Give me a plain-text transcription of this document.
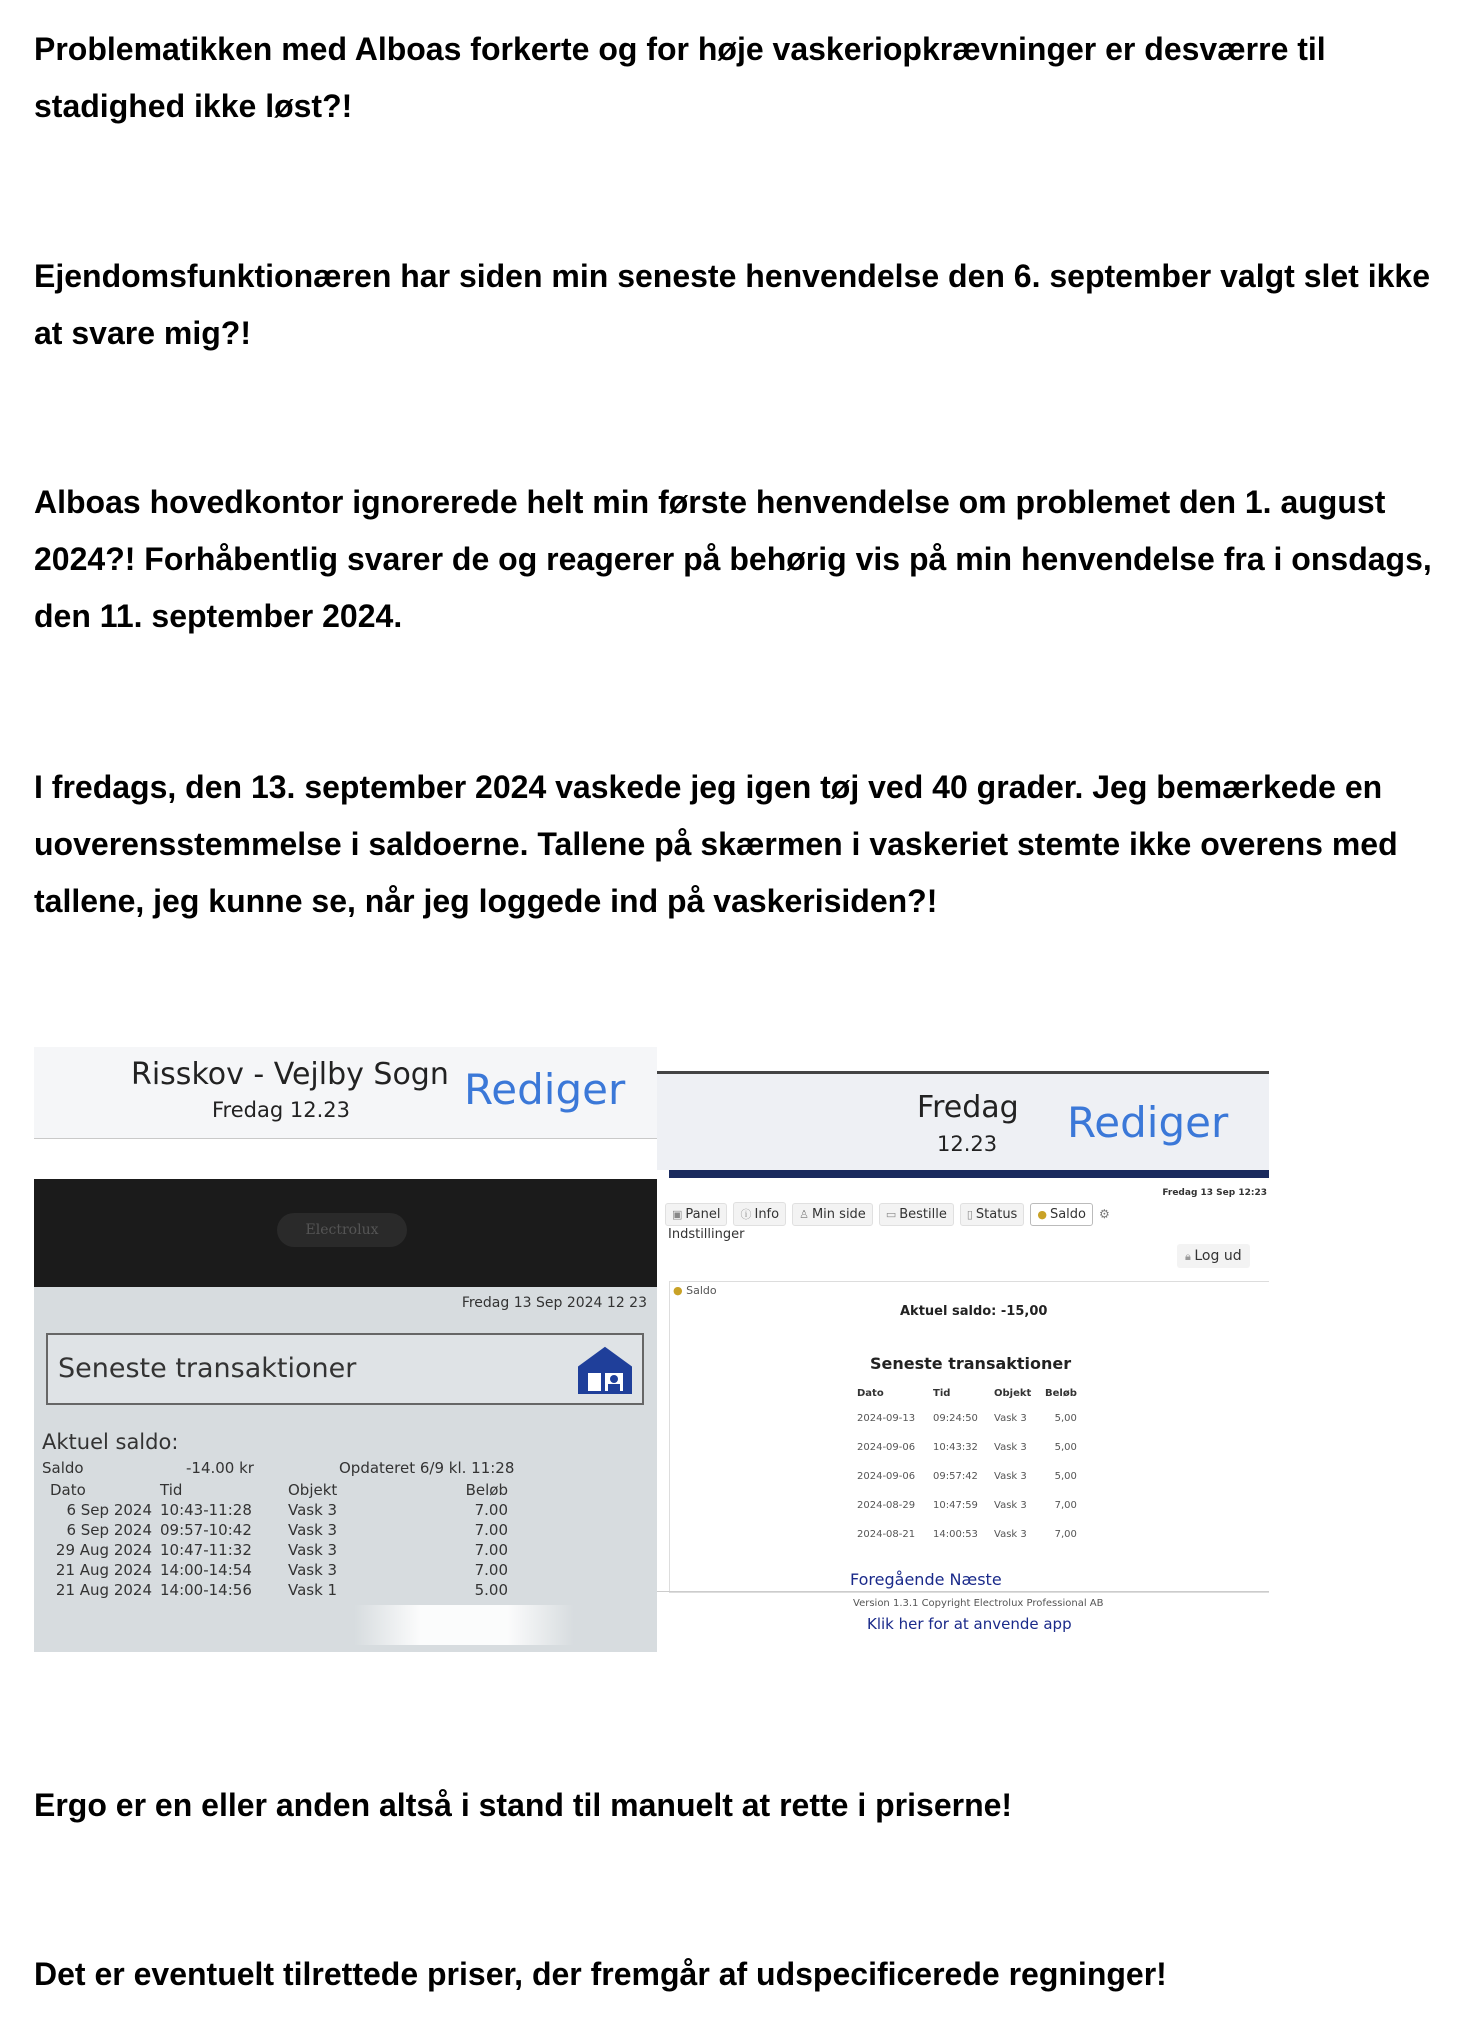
Problematikken med Alboas forkerte og for høje vaskeriopkrævninger er desværre til stadighed ikke løst?!

Ejendomsfunktionæren har siden min seneste henvendelse den 6. september valgt slet ikke at svare mig?!

Alboas hovedkontor ignorerede helt min første henvendelse om problemet den 1. august 2024?! Forhåbentlig svarer de og reagerer på behørig vis på min henvendelse fra i onsdags, den 11. september 2024.

I fredags, den 13. september 2024 vaskede jeg igen tøj ved 40 grader. Jeg bemærkede en uoverensstemmelse i saldoerne. Tallene på skærmen i vaskeriet stemte ikke overens med tallene, jeg kunne se, når jeg loggede ind på vaskerisiden?!

Risskov - Vejlby Sogn
Fredag 12.23	Rediger
Electrolux
Fredag 13 Sep 2024 12 23
Seneste transaktioner
Aktuel saldo:
Saldo	-14.00 kr	Opdateret 6/9 kl. 11:28
Dato	Tid	Objekt	Beløb
6 Sep 2024	10:43-11:28	Vask 3	7.00
6 Sep 2024	09:57-10:42	Vask 3	7.00
29 Aug 2024	10:47-11:32	Vask 3	7.00
21 Aug 2024	14:00-14:54	Vask 3	7.00
21 Aug 2024	14:00-14:56	Vask 1	5.00
Fredag
12.23 Rediger
Fredag 13 Sep 12:23
▣ Panel ⓘ Info ♙ Min side ▭ Bestille ▯ Status ● Saldo ⚙
Indstillinger
🔒︎ Log ud
● Saldo
Aktuel saldo: -15,00
Seneste transaktioner
Dato	Tid	Objekt	Beløb
2024-09-13	09:24:50	Vask 3	5,00
2024-09-06	10:43:32	Vask 3	5,00
2024-09-06	09:57:42	Vask 3	5,00
2024-08-29	10:47:59	Vask 3	7,00
2024-08-21	14:00:53	Vask 3	7,00
Foregående Næste
Version 1.3.1 Copyright Electrolux Professional AB
Klik her for at anvende app

Ergo er en eller anden altså i stand til manuelt at rette i priserne!

Det er eventuelt tilrettede priser, der fremgår af udspecificerede regninger!
